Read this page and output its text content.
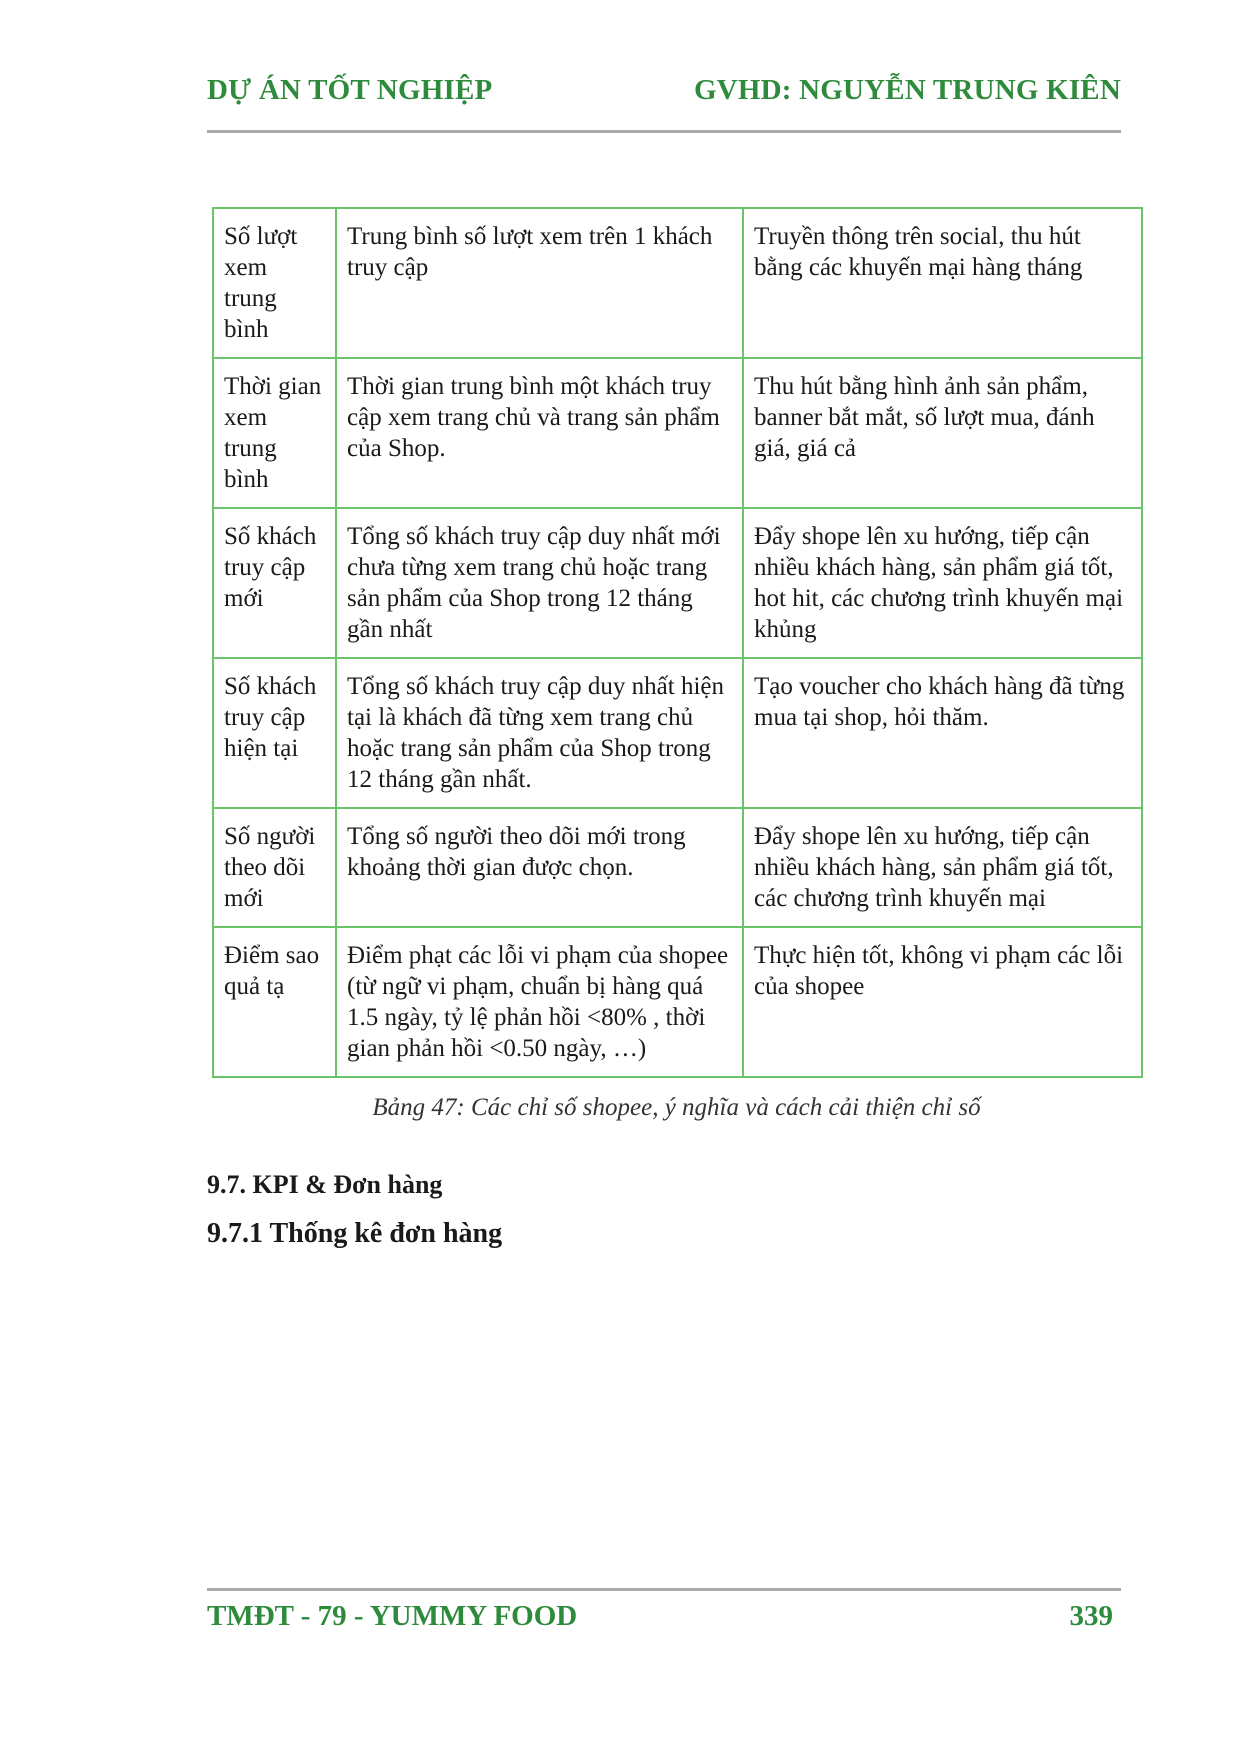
DỰ ÁN TỐT NGHIỆP	GVHD: NGUYỄN TRUNG KIÊN
Số lượt xem trung bình	Trung bình số lượt xem trên 1 khách truy cập	Truyền thông trên social, thu hút bằng các khuyến mại hàng tháng
Thời gian xem trung bình	Thời gian trung bình một khách truy cập xem trang chủ và trang sản phẩm của Shop.	Thu hút bằng hình ảnh sản phẩm, banner bắt mắt, số lượt mua, đánh giá, giá cả
Số khách truy cập mới	Tổng số khách truy cập duy nhất mới chưa từng xem trang chủ hoặc trang sản phẩm của Shop trong 12 tháng gần nhất	Đẩy shope lên xu hướng, tiếp cận nhiều khách hàng, sản phẩm giá tốt, hot hit, các chương trình khuyến mại khủng
Số khách truy cập hiện tại	Tổng số khách truy cập duy nhất hiện tại là khách đã từng xem trang chủ hoặc trang sản phẩm của Shop trong 12 tháng gần nhất.	Tạo voucher cho khách hàng đã từng mua tại shop, hỏi thăm.
Số người theo dõi mới	Tổng số người theo dõi mới trong khoảng thời gian được chọn.	Đẩy shope lên xu hướng, tiếp cận nhiều khách hàng, sản phẩm giá tốt, các chương trình khuyến mại
Điểm sao quả tạ	Điểm phạt các lỗi vi phạm của shopee (từ ngữ vi phạm, chuẩn bị hàng quá 1.5 ngày, tỷ lệ phản hồi <80% , thời gian phản hồi <0.50 ngày, …)	Thực hiện tốt, không vi phạm các lỗi của shopee
Bảng 47: Các chỉ số shopee, ý nghĩa và cách cải thiện chỉ số
9.7. KPI & Đơn hàng
9.7.1 Thống kê đơn hàng
TMĐT - 79 - YUMMY FOOD	339
